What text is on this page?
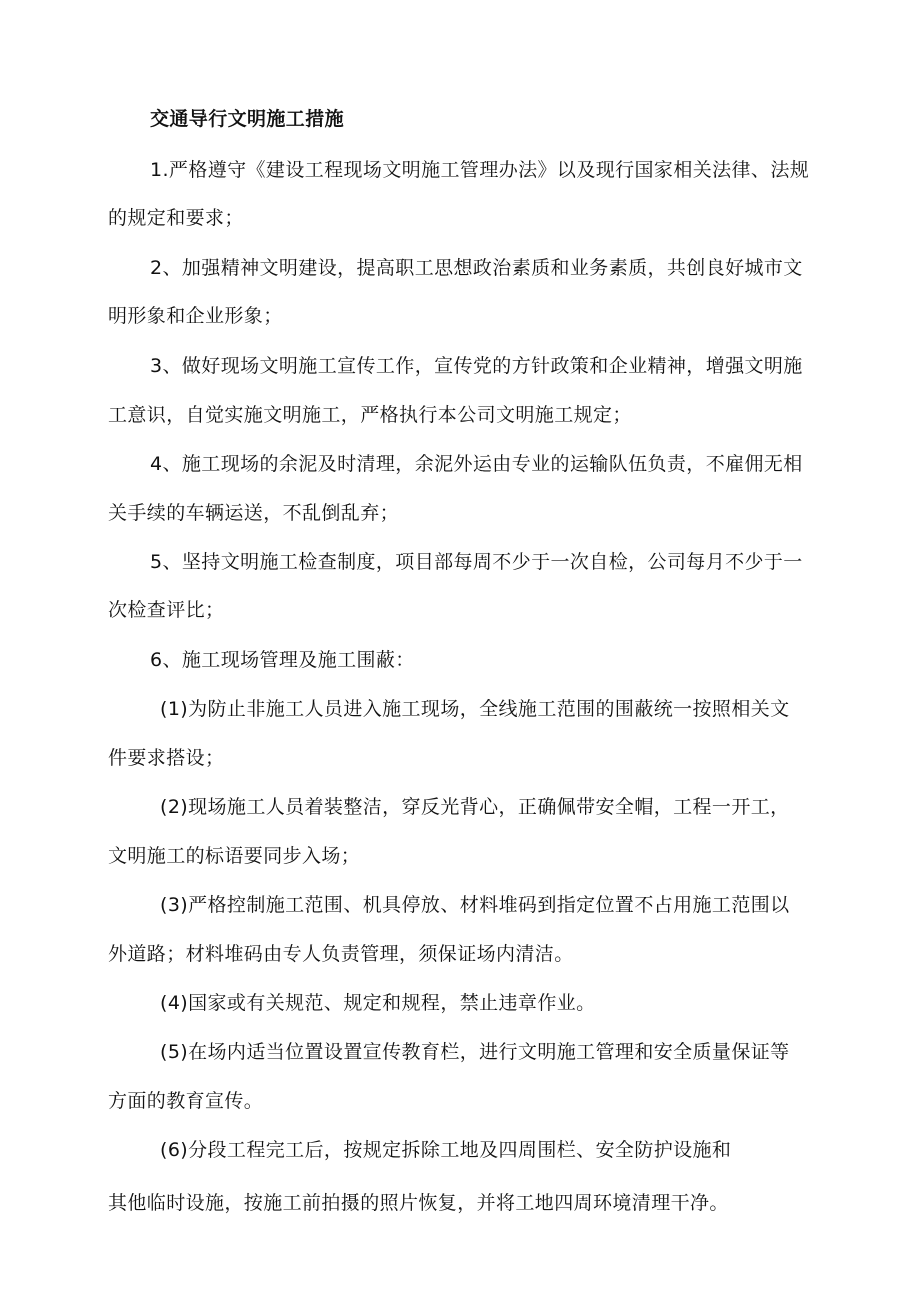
交通导行文明施工措施
1.严格遵守《建设工程现场文明施工管理办法》以及现行国家相关法律、法规
的规定和要求；
2、加强精神文明建设，提高职工思想政治素质和业务素质，共创良好城市文
明形象和企业形象；
3、做好现场文明施工宣传工作，宣传党的方针政策和企业精神，增强文明施
工意识，自觉实施文明施工，严格执行本公司文明施工规定；
4、施工现场的余泥及时清理，余泥外运由专业的运输队伍负责，不雇佣无相
关手续的车辆运送，不乱倒乱弃；
5、坚持文明施工检查制度，项目部每周不少于一次自检，公司每月不少于一
次检查评比；
6、施工现场管理及施工围蔽：
(1)为防止非施工人员进入施工现场，全线施工范围的围蔽统一按照相关文
件要求搭设；
(2)现场施工人员着装整洁，穿反光背心，正确佩带安全帽，工程一开工，
文明施工的标语要同步入场；
(3)严格控制施工范围、机具停放、材料堆码到指定位置不占用施工范围以
外道路；材料堆码由专人负责管理，须保证场内清洁。
(4)国家或有关规范、规定和规程，禁止违章作业。
(5)在场内适当位置设置宣传教育栏，进行文明施工管理和安全质量保证等
方面的教育宣传。
(6)分段工程完工后，按规定拆除工地及四周围栏、安全防护设施和
其他临时设施，按施工前拍摄的照片恢复，并将工地四周环境清理干净。
